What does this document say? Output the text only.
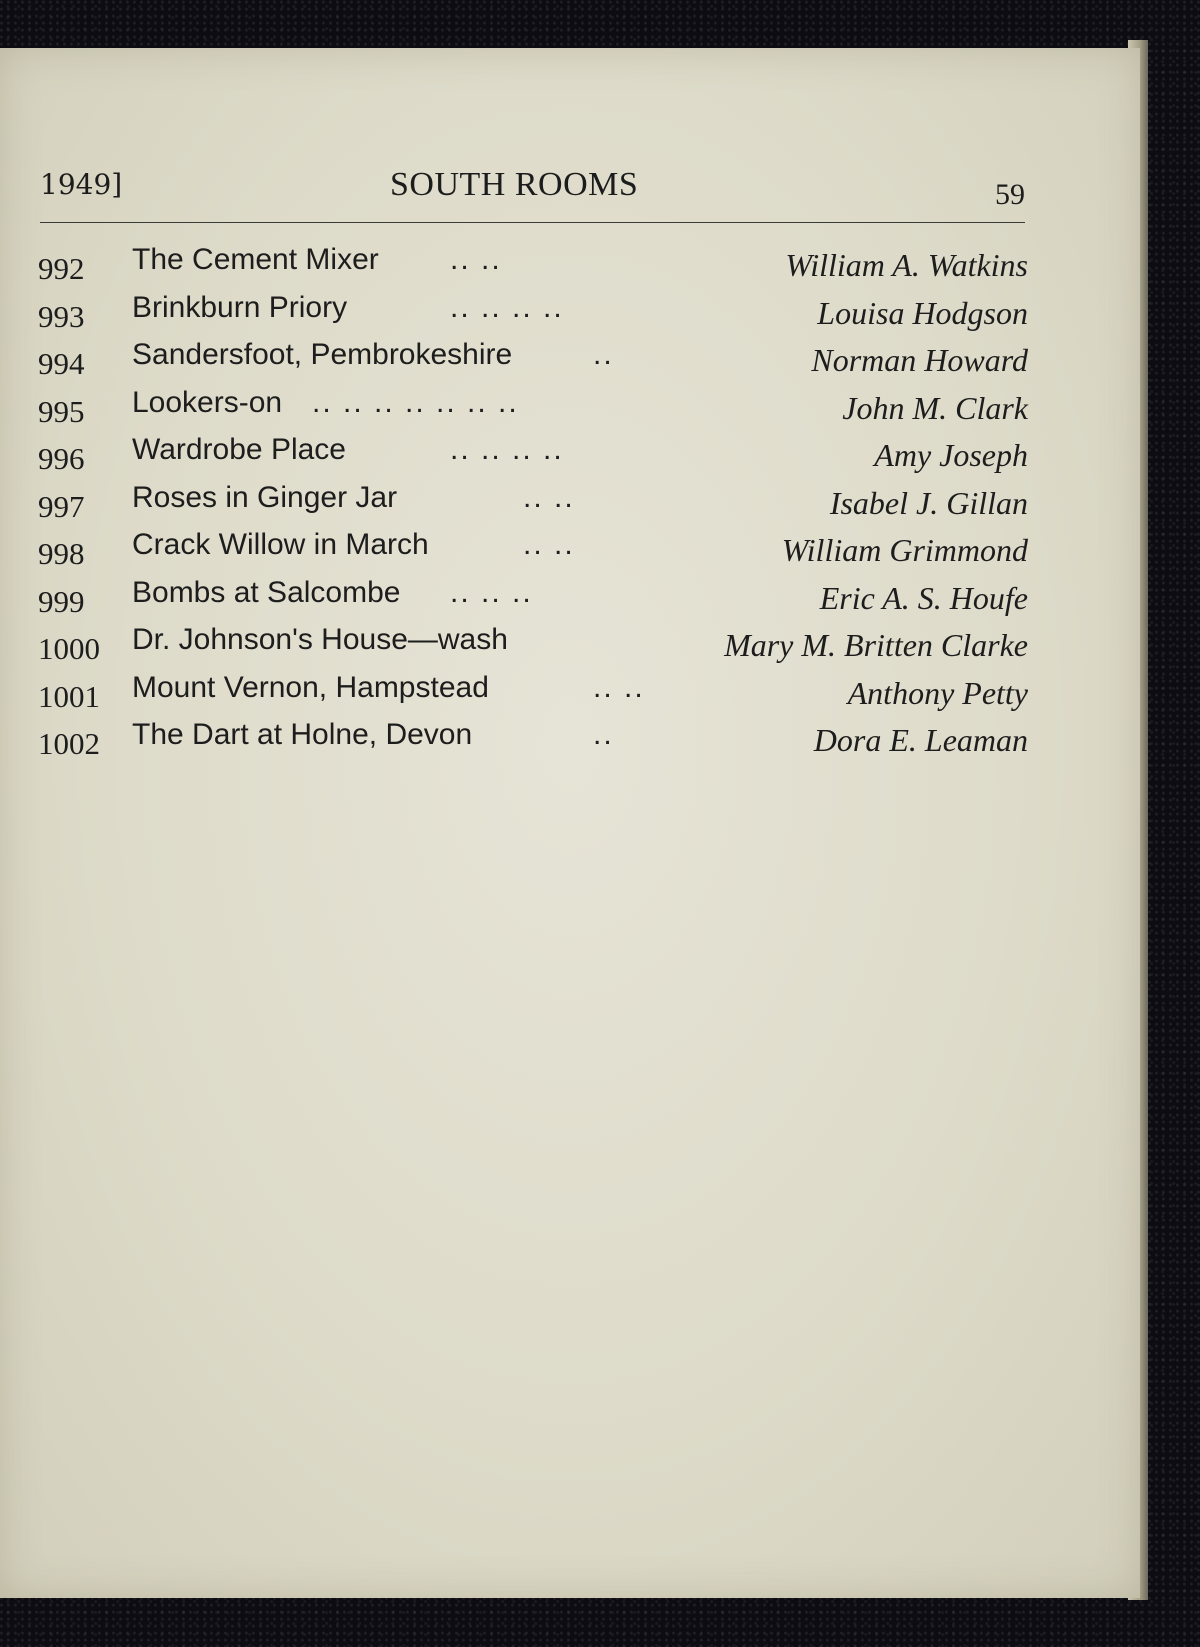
1949]	SOUTH ROOMS	59
992 The Cement Mixer .. ..	William A. Watkins
993 Brinkburn Priory	.. .. .. ..	Louisa Hodgson
994 Sandersfoot, Pembrokeshire	..	Norman Howard
995 Lookers-on .. .. .. .. .. .. ..	John M. Clark
996 Wardrobe Place	.. .. .. ..	Amy Joseph
997 Roses in Ginger Jar	.. ..	Isabel J. Gillan
998 Crack Willow in March	.. ..	William Grimmond
999 Bombs at Salcombe .. .. ..	Eric A. S. Houfe
1000 Dr. Johnson's House—wash	Mary M. Britten Clarke
1001 Mount Vernon, Hampstead	.. ..	Anthony Petty
1002 The Dart at Holne, Devon	..	Dora E. Leaman
